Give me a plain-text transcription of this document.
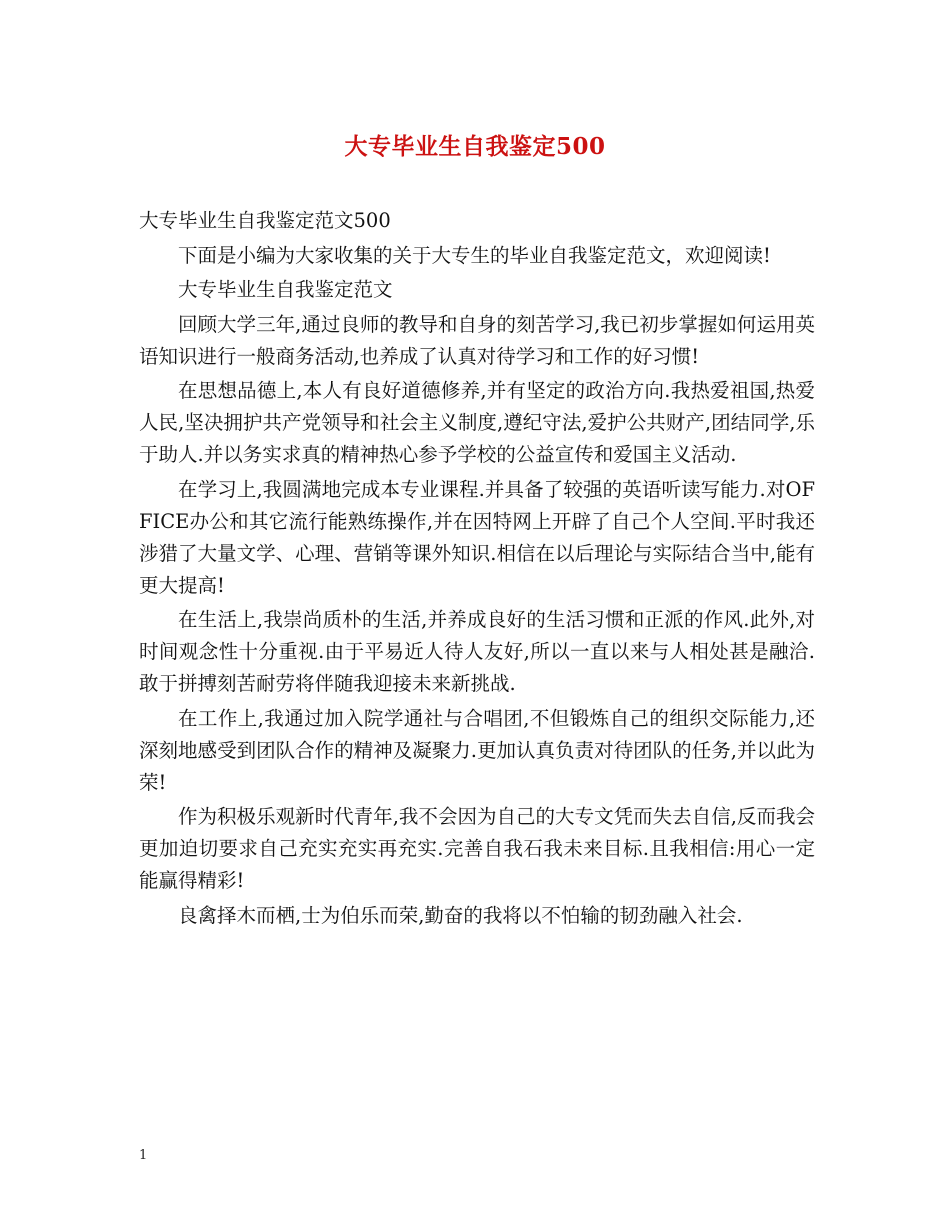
大专毕业生自我鉴定500

大专毕业生自我鉴定范文500

下面是小编为大家收集的关于大专生的毕业自我鉴定范文，欢迎阅读!

大专毕业生自我鉴定范文

回顾大学三年,通过良师的教导和自身的刻苦学习,我已初步掌握如何运用英语知识进行一般商务活动,也养成了认真对待学习和工作的好习惯!

在思想品德上,本人有良好道德修养,并有坚定的政治方向.我热爱祖国,热爱人民,坚决拥护共产党领导和社会主义制度,遵纪守法,爱护公共财产,团结同学,乐于助人.并以务实求真的精神热心参予学校的公益宣传和爱国主义活动.

在学习上,我圆满地完成本专业课程.并具备了较强的英语听读写能力.对OFFICE办公和其它流行能熟练操作,并在因特网上开辟了自己个人空间.平时我还涉猎了大量文学、心理、营销等课外知识.相信在以后理论与实际结合当中,能有更大提高!

在生活上,我崇尚质朴的生活,并养成良好的生活习惯和正派的作风.此外,对时间观念性十分重视.由于平易近人待人友好,所以一直以来与人相处甚是融洽.敢于拼搏刻苦耐劳将伴随我迎接未来新挑战.

在工作上,我通过加入院学通社与合唱团,不但锻炼自己的组织交际能力,还深刻地感受到团队合作的精神及凝聚力.更加认真负责对待团队的任务,并以此为荣!

作为积极乐观新时代青年,我不会因为自己的大专文凭而失去自信,反而我会更加迫切要求自己充实充实再充实.完善自我石我未来目标.且我相信:用心一定能赢得精彩!

良禽择木而栖,士为伯乐而荣,勤奋的我将以不怕输的韧劲融入社会.

1
